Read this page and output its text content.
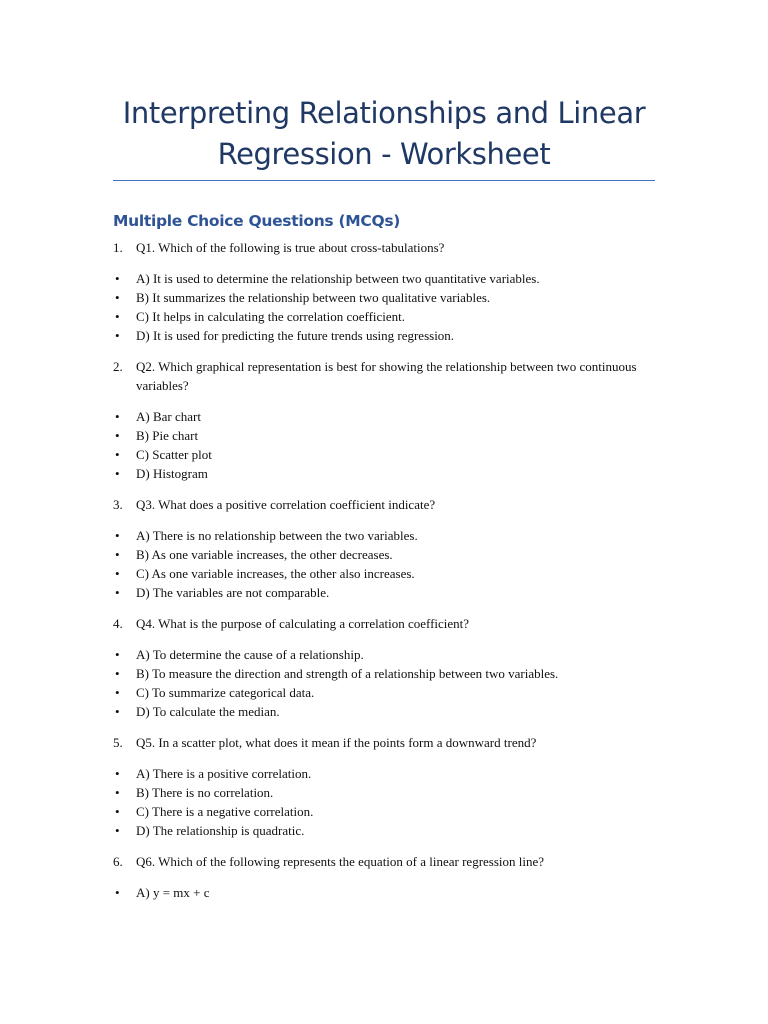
Interpreting Relationships and Linear Regression - Worksheet
Multiple Choice Questions (MCQs)
1. Q1. Which of the following is true about cross-tabulations?
• A) It is used to determine the relationship between two quantitative variables.
• B) It summarizes the relationship between two qualitative variables.
• C) It helps in calculating the correlation coefficient.
• D) It is used for predicting the future trends using regression.
2. Q2. Which graphical representation is best for showing the relationship between two continuous variables?
• A) Bar chart
• B) Pie chart
• C) Scatter plot
• D) Histogram
3. Q3. What does a positive correlation coefficient indicate?
• A) There is no relationship between the two variables.
• B) As one variable increases, the other decreases.
• C) As one variable increases, the other also increases.
• D) The variables are not comparable.
4. Q4. What is the purpose of calculating a correlation coefficient?
• A) To determine the cause of a relationship.
• B) To measure the direction and strength of a relationship between two variables.
• C) To summarize categorical data.
• D) To calculate the median.
5. Q5. In a scatter plot, what does it mean if the points form a downward trend?
• A) There is a positive correlation.
• B) There is no correlation.
• C) There is a negative correlation.
• D) The relationship is quadratic.
6. Q6. Which of the following represents the equation of a linear regression line?
• A) y = mx + c
